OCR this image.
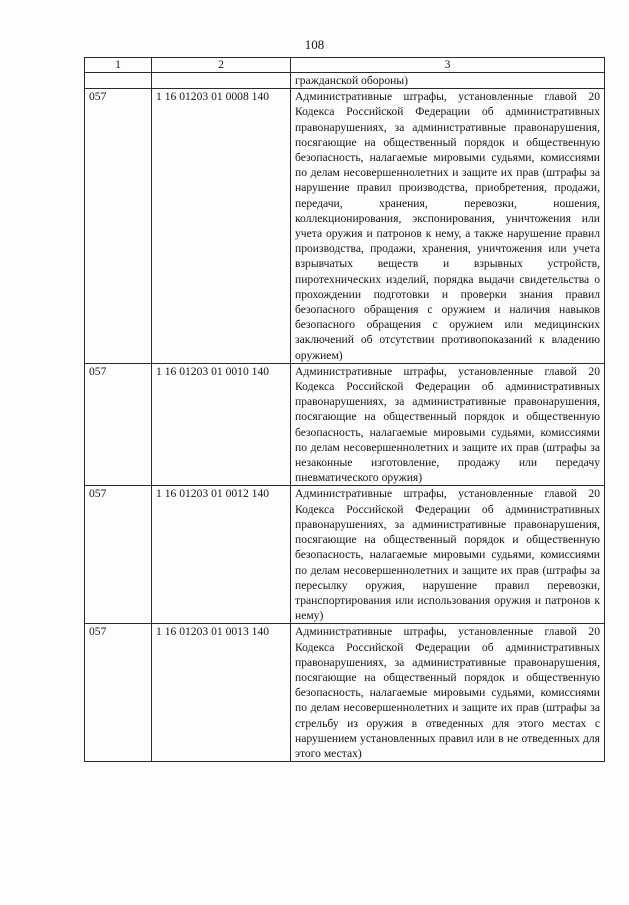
108
1	2	3
		гражданской обороны)
057	1 16 01203 01 0008 140	Административные штрафы, установленные главой 20 Кодекса Российской Федерации об административных правонарушениях, за административные правонарушения, посягающие на общественный порядок и общественную безопасность, налагаемые мировыми судьями, комиссиями по делам несовершеннолетних и защите их прав (штрафы за нарушение правил производства, приобретения, продажи, передачи, хранения, перевозки, ношения, коллекционирования, экспонирования, уничтожения или учета оружия и патронов к нему, а также нарушение правил производства, продажи, хранения, уничтожения или учета взрывчатых веществ и взрывных устройств, пиротехнических изделий, порядка выдачи свидетельства о прохождении подготовки и проверки знания правил безопасного обращения с оружием и наличия навыков безопасного обращения с оружием или медицинских заключений об отсутствии противопоказаний к владению оружием)
057	1 16 01203 01 0010 140	Административные штрафы, установленные главой 20 Кодекса Российской Федерации об административных правонарушениях, за административные правонарушения, посягающие на общественный порядок и общественную безопасность, налагаемые мировыми судьями, комиссиями по делам несовершеннолетних и защите их прав (штрафы за незаконные изготовление, продажу или передачу пневматического оружия)
057	1 16 01203 01 0012 140	Административные штрафы, установленные главой 20 Кодекса Российской Федерации об административных правонарушениях, за административные правонарушения, посягающие на общественный порядок и общественную безопасность, налагаемые мировыми судьями, комиссиями по делам несовершеннолетних и защите их прав (штрафы за пересылку оружия, нарушение правил перевозки, транспортирования или использования оружия и патронов к нему)
057	1 16 01203 01 0013 140	Административные штрафы, установленные главой 20 Кодекса Российской Федерации об административных правонарушениях, за административные правонарушения, посягающие на общественный порядок и общественную безопасность, налагаемые мировыми судьями, комиссиями по делам несовершеннолетних и защите их прав (штрафы за стрельбу из оружия в отведенных для этого местах с нарушением установленных правил или в не отведенных для этого местах)
